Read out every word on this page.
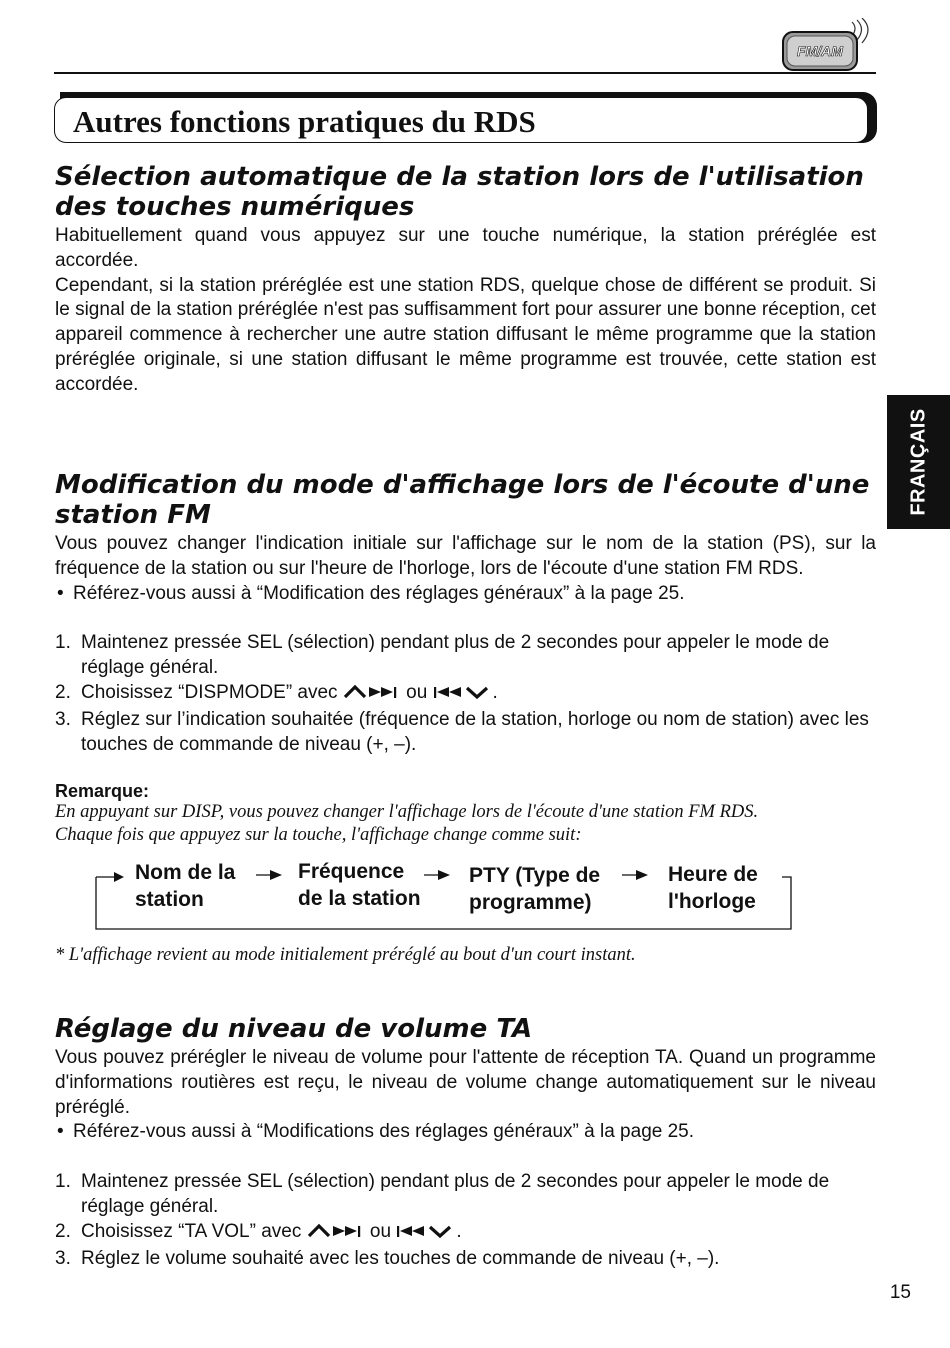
FM/AM
Autres fonctions pratiques du RDS
FRANÇAIS
Sélection automatique de la station lors de l'utilisation
des touches numériques

Habituellement quand vous appuyez sur une touche numérique, la station préréglée est accordée.

Cependant, si la station préréglée est une station RDS, quelque chose de différent se produit. Si le signal de la station préréglée n'est pas suffisamment fort pour assurer une bonne réception, cet appareil commence à rechercher une autre station diffusant le même programme que la station préréglée originale, si une station diffusant le même programme est trouvée, cette station est accordée.

Modification du mode d'affichage lors de l'écoute d'une
station FM

Vous pouvez changer l'indication initiale sur l'affichage sur le nom de la station (PS), sur la fréquence de la station ou sur l'heure de l'horloge, lors de l'écoute d'une station FM RDS.

• Référez-vous aussi à “Modification des réglages généraux” à la page 25.
1. Maintenez pressée SEL (sélection) pendant plus de 2 secondes pour appeler le mode de réglage général.
2. Choisissez “DISPMODE” avec	ou	.
3. Réglez sur l’indication souhaitée (fréquence de la station, horloge ou nom de station) avec les touches de commande de niveau (+, –).
Remarque:

En appuyant sur DISP, vous pouvez changer l'affichage lors de l'écoute d'une station FM RDS.

Chaque fois que appuyez sur la touche, l'affichage change comme suit:

Nom de la
station
Fréquence
de la station
PTY (Type de
programme)
Heure de
l'horloge

* L'affichage revient au mode initialement préréglé au bout d'un court instant.

Réglage du niveau de volume TA

Vous pouvez prérégler le niveau de volume pour l'attente de réception TA. Quand un programme d'informations routières est reçu, le niveau de volume change automatiquement sur le niveau préréglé.

• Référez-vous aussi à “Modifications des réglages généraux” à la page 25.
1. Maintenez pressée SEL (sélection) pendant plus de 2 secondes pour appeler le mode de réglage général.
2. Choisissez “TA VOL” avec	ou	.
3. Réglez le volume souhaité avec les touches de commande de niveau (+, –).
15
